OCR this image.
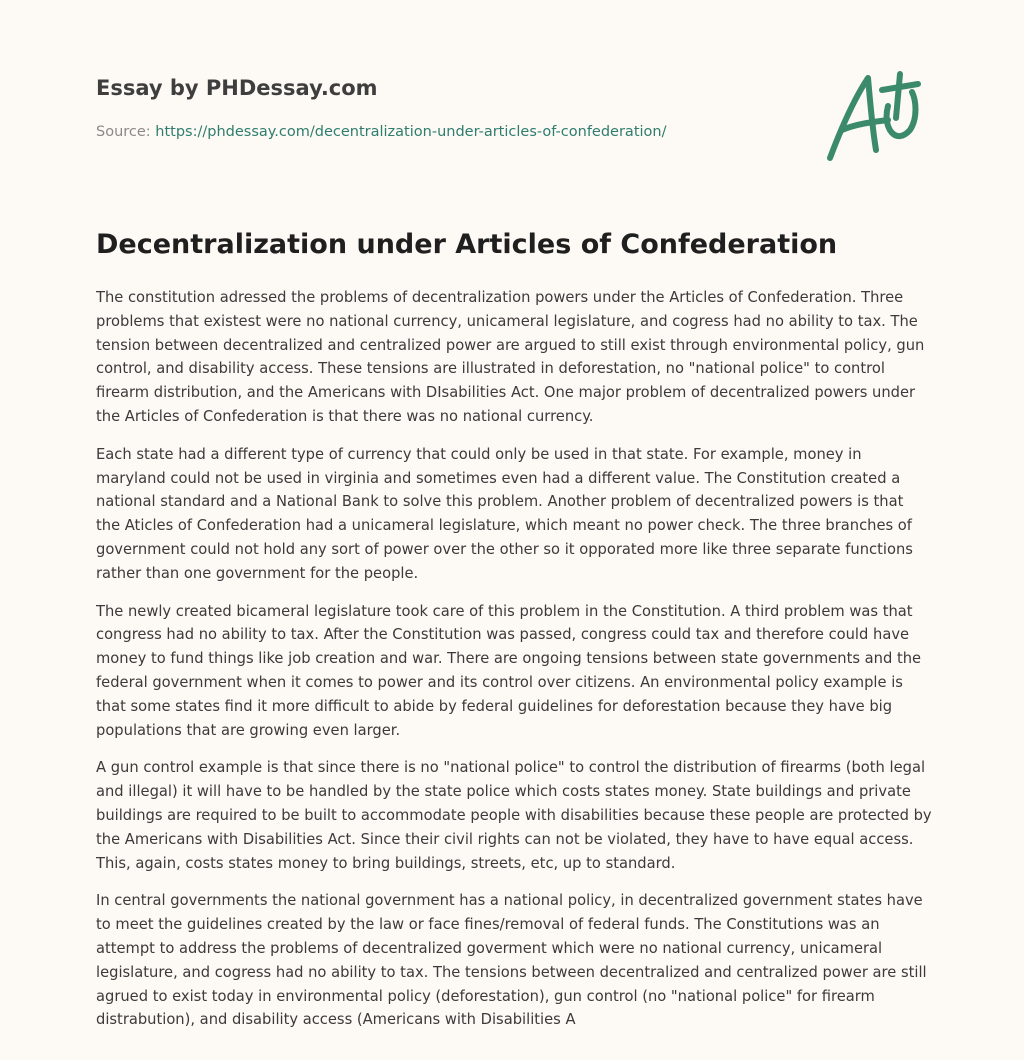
Essay by PHDessay.com
Source: https://phdessay.com/decentralization-under-articles-of-confederation/
Decentralization under Articles of Confederation

The constitution adressed the problems of decentralization powers under the Articles of Confederation. Three problems that existest were no national currency, unicameral legislature, and cogress had no ability to tax. The tension between decentralized and centralized power are argued to still exist through environmental policy, gun control, and disability access. These tensions are illustrated in deforestation, no "national police" to control firearm distribution, and the Americans with DIsabilities Act. One major problem of decentralized powers under the Articles of Confederation is that there was no national currency.

Each state had a different type of currency that could only be used in that state. For example, money in maryland could not be used in virginia and sometimes even had a different value. The Constitution created a national standard and a National Bank to solve this problem. Another problem of decentralized powers is that the Aticles of Confederation had a unicameral legislature, which meant no power check. The three branches of government could not hold any sort of power over the other so it opporated more like three separate functions rather than one government for the people.

The newly created bicameral legislature took care of this problem in the Constitution. A third problem was that congress had no ability to tax. After the Constitution was passed, congress could tax and therefore could have money to fund things like job creation and war. There are ongoing tensions between state governments and the federal government when it comes to power and its control over citizens. An environmental policy example is that some states find it more difficult to abide by federal guidelines for deforestation because they have big populations that are growing even larger.

A gun control example is that since there is no "national police" to control the distribution of firearms (both legal and illegal) it will have to be handled by the state police which costs states money. State buildings and private buildings are required to be built to accommodate people with disabilities because these people are protected by the Americans with Disabilities Act. Since their civil rights can not be violated, they have to have equal access. This, again, costs states money to bring buildings, streets, etc, up to standard.

In central governments the national government has a national policy, in decentralized government states have to meet the guidelines created by the law or face fines/removal of federal funds. The Constitutions was an attempt to address the problems of decentralized goverment which were no national currency, unicameral legislature, and cogress had no ability to tax. The tensions between decentralized and centralized power are still agrued to exist today in environmental policy (deforestation), gun control (no "national police" for firearm distrabution), and disability access (Americans with Disabilities A
